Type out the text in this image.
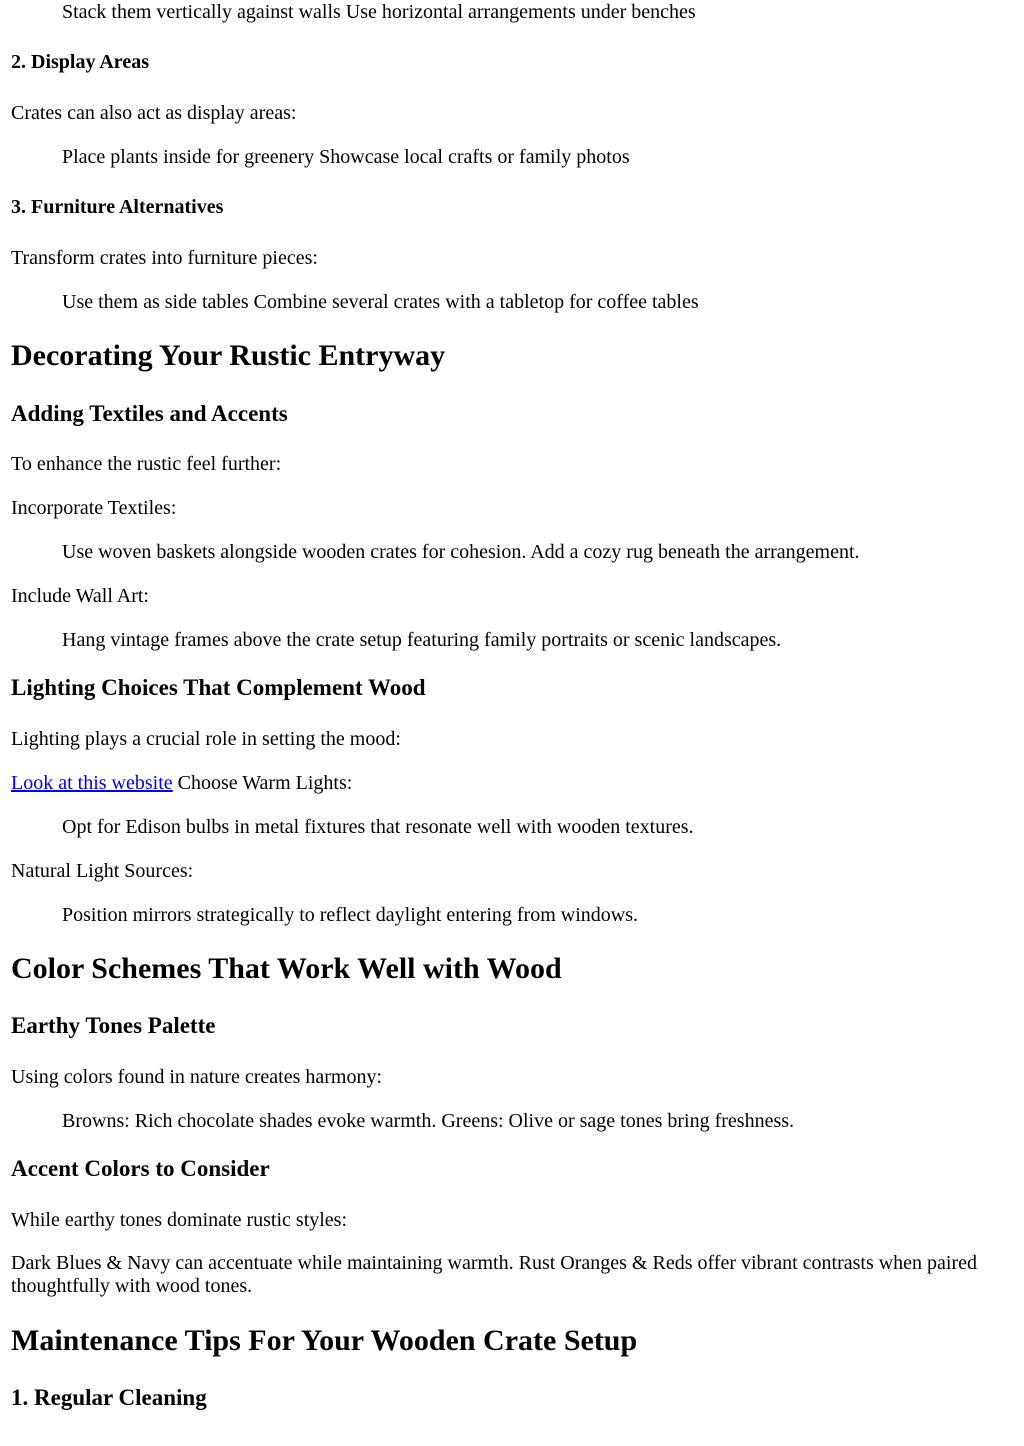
Stack them vertically against walls Use horizontal arrangements under benches

2. Display Areas

Crates can also act as display areas:

Place plants inside for greenery Showcase local crafts or family photos

3. Furniture Alternatives

Transform crates into furniture pieces:

Use them as side tables Combine several crates with a tabletop for coffee tables

Decorating Your Rustic Entryway
Adding Textiles and Accents

To enhance the rustic feel further:

Incorporate Textiles:

Use woven baskets alongside wooden crates for cohesion. Add a cozy rug beneath the arrangement.

Include Wall Art:

Hang vintage frames above the crate setup featuring family portraits or scenic landscapes.

Lighting Choices That Complement Wood

Lighting plays a crucial role in setting the mood:

Look at this website Choose Warm Lights:

Opt for Edison bulbs in metal fixtures that resonate well with wooden textures.

Natural Light Sources:

Position mirrors strategically to reflect daylight entering from windows.

Color Schemes That Work Well with Wood
Earthy Tones Palette

Using colors found in nature creates harmony:

Browns: Rich chocolate shades evoke warmth. Greens: Olive or sage tones bring freshness.

Accent Colors to Consider

While earthy tones dominate rustic styles:

Dark Blues & Navy can accentuate while maintaining warmth. Rust Oranges & Reds offer vibrant contrasts when paired thoughtfully with wood tones.

Maintenance Tips For Your Wooden Crate Setup
1. Regular Cleaning
